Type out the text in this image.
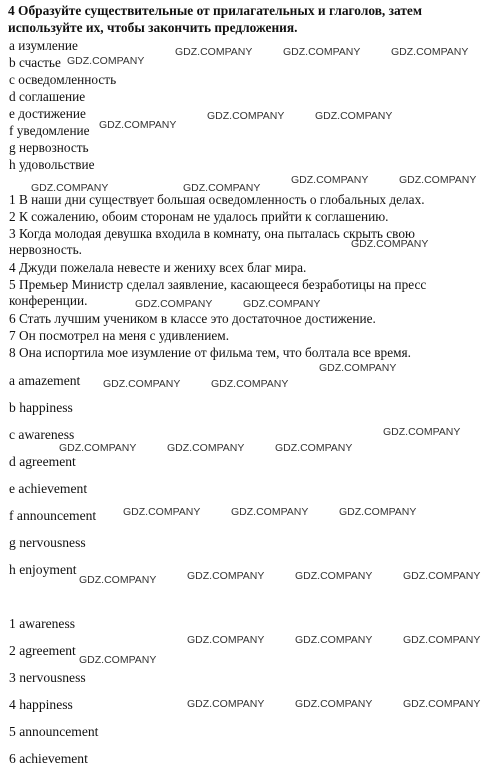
4 Образуйте существительные от прилагательных и глаголов, затем используйте их, чтобы закончить предложения.

a изумление
b счастье
c осведомленность
d соглашение
e достижение
f уведомление
g нервозность
h удовольствие
1 В наши дни существует большая осведомленность о глобальных делах.
2 К сожалению, обоим сторонам не удалось прийти к соглашению.
3 Когда молодая девушка входила в комнату, она пыталась скрыть свою нервозность.
4 Джуди пожелала невесте и жениху всех благ мира.
5 Премьер Министр сделал заявление, касающееся безработицы на пресс конференции.
6 Стать лучшим учеником в классе это достаточное достижение.
7 Он посмотрел на меня с удивлением.
8 Она испортила мое изумление от фильма тем, что болтала все время.
a amazement
b happiness
c awareness
d agreement
e achievement
f announcement
g nervousness
h enjoyment
1 awareness
2 agreement
3 nervousness
4 happiness
5 announcement
6 achievement
GDZ.COMPANY
GDZ.COMPANY	GDZ.COMPANY	GDZ.COMPANY
GDZ.COMPANY
GDZ.COMPANY	GDZ.COMPANY
GDZ.COMPANY	GDZ.COMPANY
GDZ.COMPANY	GDZ.COMPANY
GDZ.COMPANY
GDZ.COMPANY	GDZ.COMPANY
GDZ.COMPANY
GDZ.COMPANY	GDZ.COMPANY
GDZ.COMPANY
GDZ.COMPANY	GDZ.COMPANY	GDZ.COMPANY
GDZ.COMPANY	GDZ.COMPANY	GDZ.COMPANY
GDZ.COMPANY	GDZ.COMPANY	GDZ.COMPANY	GDZ.COMPANY
GDZ.COMPANY	GDZ.COMPANY	GDZ.COMPANY
GDZ.COMPANY
GDZ.COMPANY	GDZ.COMPANY	GDZ.COMPANY
